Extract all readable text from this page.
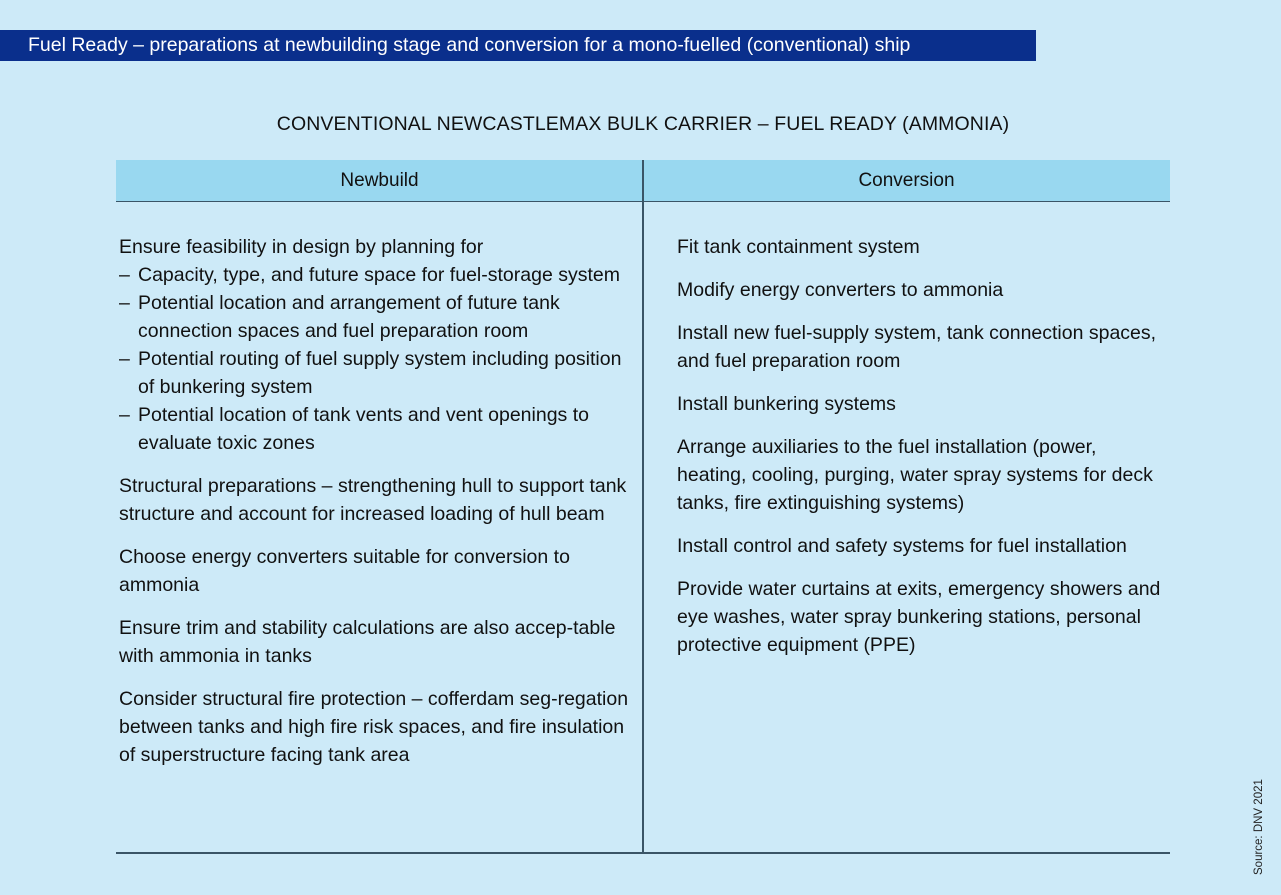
Fuel Ready – preparations at newbuilding stage and conversion for a mono-fuelled (conventional) ship
CONVENTIONAL NEWCASTLEMAX BULK CARRIER – FUEL READY (AMMONIA)
Newbuild	Conversion

Ensure feasibility in design by planning for

– Capacity, type, and future space for fuel-storage system
– Potential location and arrangement of future tank connection spaces and fuel preparation room
– Potential routing of fuel supply system including position of bunkering system
– Potential location of tank vents and vent openings to evaluate toxic zones

Structural preparations – strengthening hull to support tank structure and account for increased loading of hull beam

Choose energy converters suitable for conversion to ammonia

Ensure trim and stability calculations are also accep-table with ammonia in tanks

Consider structural fire protection – cofferdam seg-regation between tanks and high fire risk spaces, and fire insulation of superstructure facing tank area

Fit tank containment system

Modify energy converters to ammonia

Install new fuel-supply system, tank connection spaces, and fuel preparation room

Install bunkering systems

Arrange auxiliaries to the fuel installation (power, heating, cooling, purging, water spray systems for deck tanks, fire extinguishing systems)

Install control and safety systems for fuel installation

Provide water curtains at exits, emergency showers and eye washes, water spray bunkering stations, personal protective equipment (PPE)

Source: DNV 2021
